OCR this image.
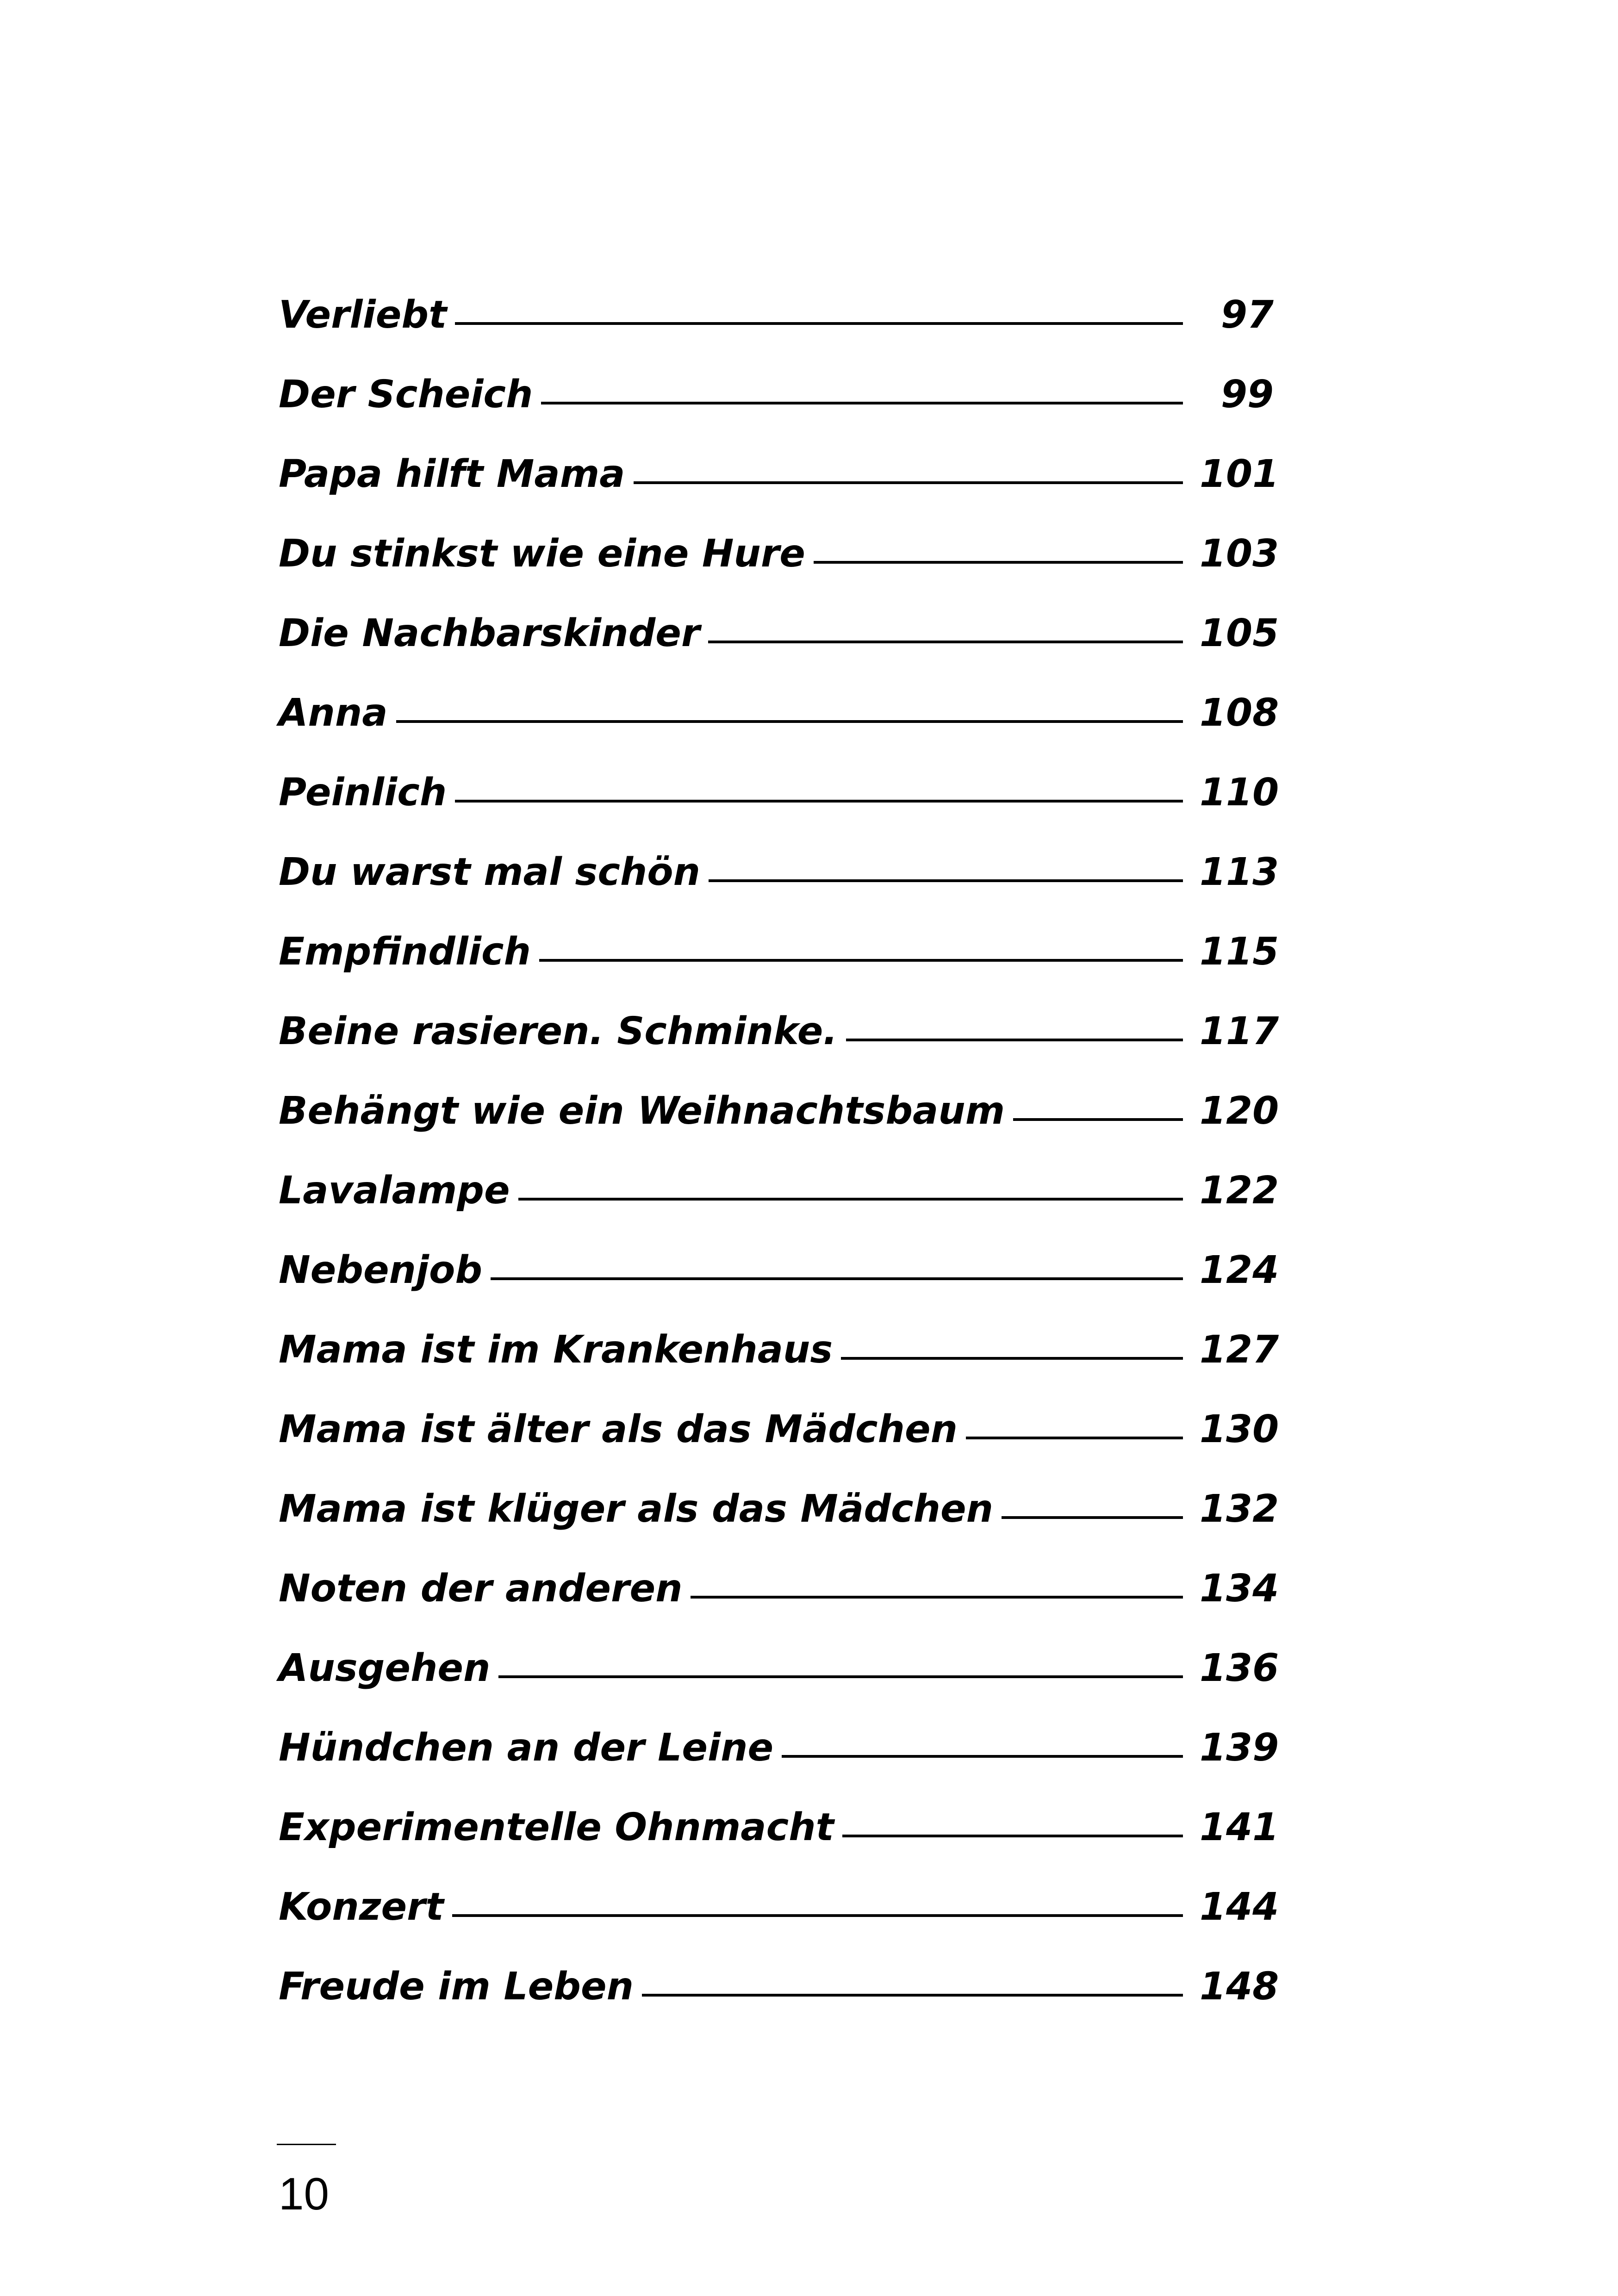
Verliebt	97
Der Scheich	99
Papa hilft Mama	101
Du stinkst wie eine Hure	103
Die Nachbarskinder	105
Anna	108
Peinlich	110
Du warst mal schön	113
Empfindlich	115
Beine rasieren. Schminke.	117
Behängt wie ein Weihnachtsbaum	120
Lavalampe	122
Nebenjob	124
Mama ist im Krankenhaus	127
Mama ist älter als das Mädchen	130
Mama ist klüger als das Mädchen	132
Noten der anderen	134
Ausgehen	136
Hündchen an der Leine	139
Experimentelle Ohnmacht	141
Konzert	144
Freude im Leben	148
10
